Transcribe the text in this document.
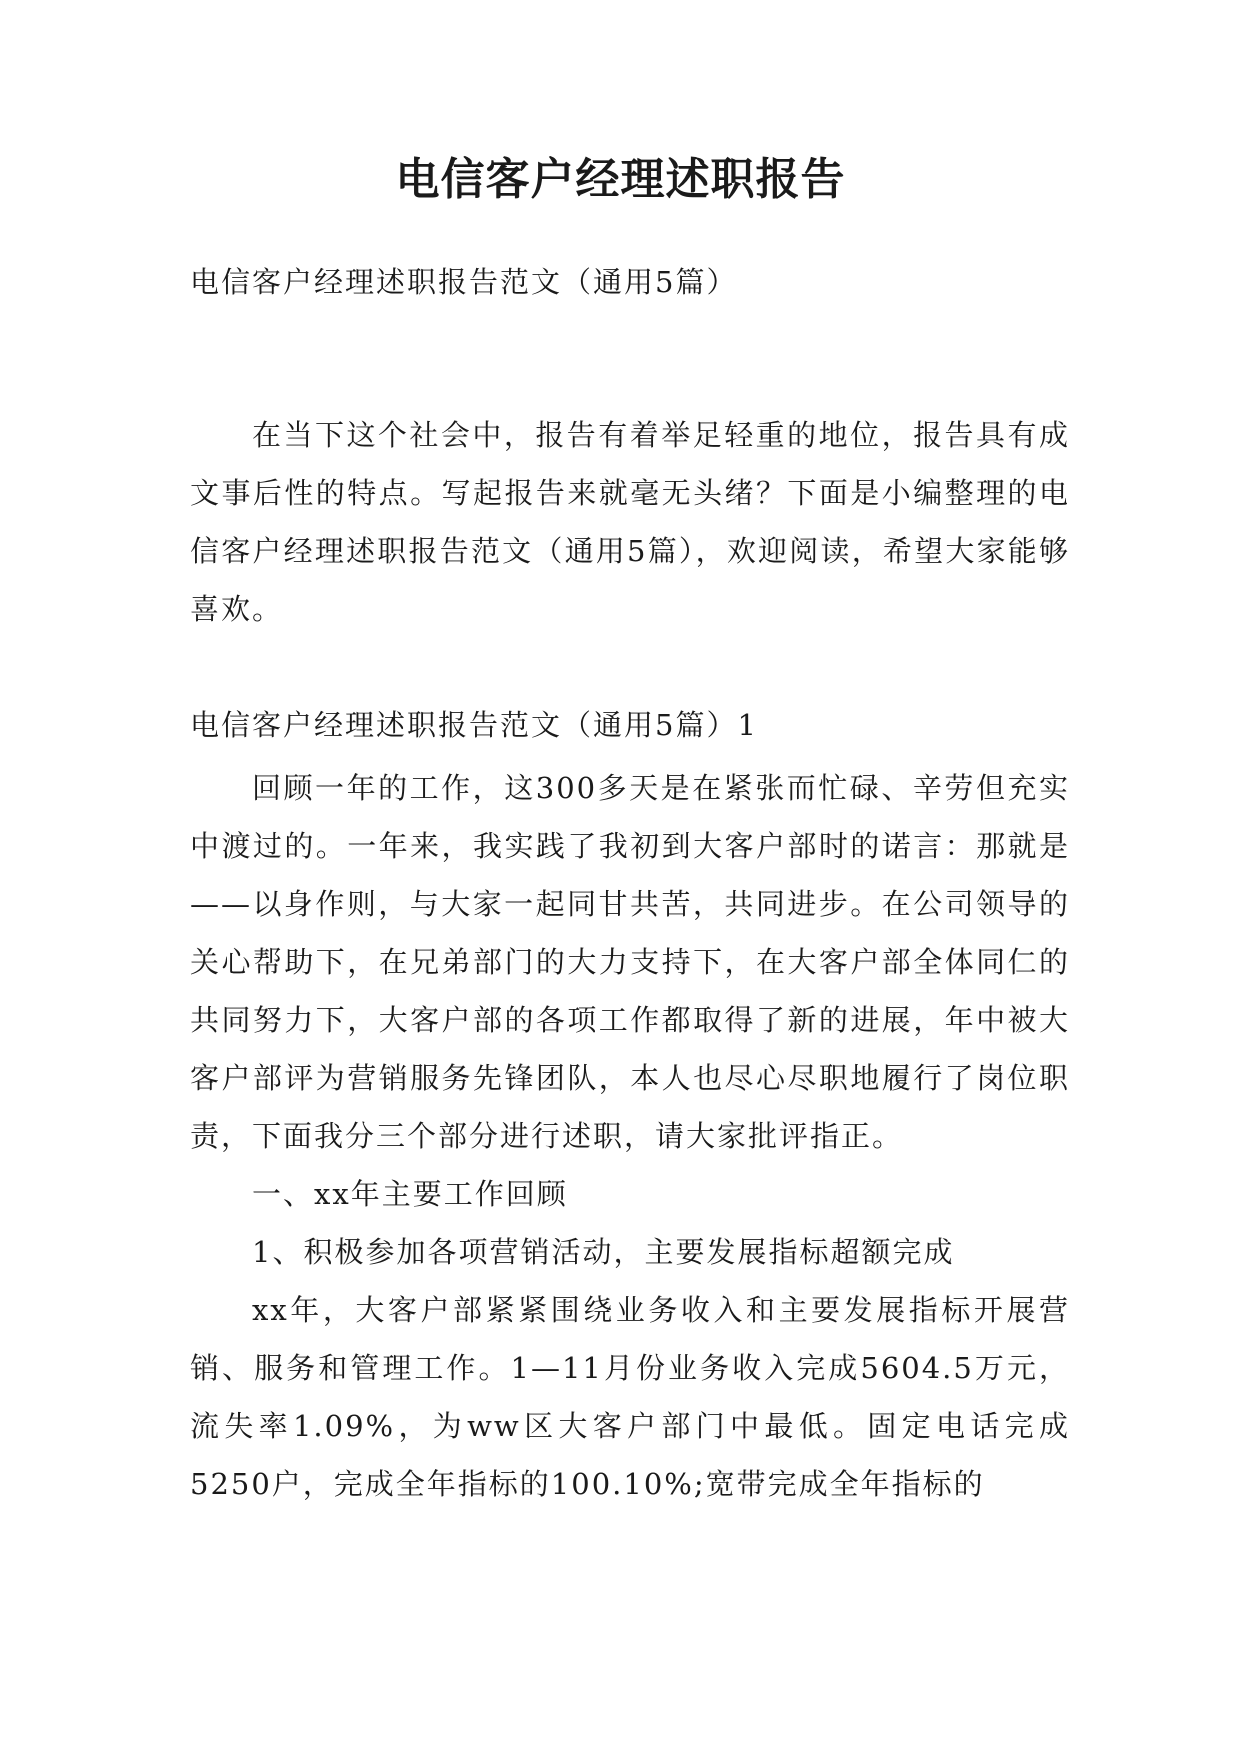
电信客户经理述职报告
电信客户经理述职报告范文（通用5篇）

在当下这个社会中，报告有着举足轻重的地位，报告具有成文事后性的特点。写起报告来就毫无头绪？下面是小编整理的电信客户经理述职报告范文（通用5篇），欢迎阅读，希望大家能够喜欢。

电信客户经理述职报告范文（通用5篇）1

回顾一年的工作，这300多天是在紧张而忙碌、辛劳但充实中渡过的。一年来，我实践了我初到大客户部时的诺言：那就是——以身作则，与大家一起同甘共苦，共同进步。在公司领导的关心帮助下，在兄弟部门的大力支持下，在大客户部全体同仁的共同努力下，大客户部的各项工作都取得了新的进展，年中被大客户部评为营销服务先锋团队，本人也尽心尽职地履行了岗位职责，下面我分三个部分进行述职，请大家批评指正。

一、xx年主要工作回顾

1、积极参加各项营销活动，主要发展指标超额完成

xx年，大客户部紧紧围绕业务收入和主要发展指标开展营销、服务和管理工作。1—11月份业务收入完成5604.5万元，流失率1.09%，为ww区大客户部门中最低。固定电话完成5250户，完成全年指标的100.10%;宽带完成全年指标的
